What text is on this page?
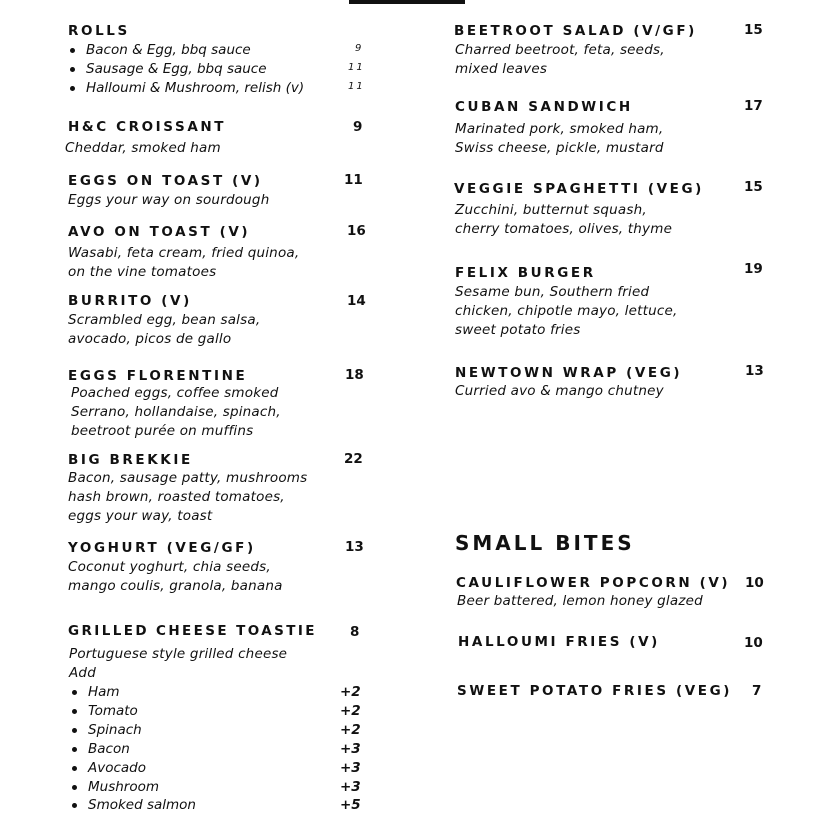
ROLLS
Bacon & Egg, bbq sauce	9
Sausage & Egg, bbq sauce	11
Halloumi & Mushroom, relish (v)	11
H&C CROISSANT	9
Cheddar, smoked ham
EGGS ON TOAST (V)	11
Eggs your way on sourdough
AVO ON TOAST (V)	16
Wasabi, feta cream, fried quinoa,
on the vine tomatoes
BURRITO (V)	14
Scrambled egg, bean salsa,
avocado, picos de gallo
EGGS FLORENTINE	18
Poached eggs, coffee smoked
Serrano, hollandaise, spinach,
beetroot purée on muffins
BIG BREKKIE	22
Bacon, sausage patty, mushrooms
hash brown, roasted tomatoes,
eggs your way, toast
YOGHURT (VEG/GF)	13
Coconut yoghurt, chia seeds,
mango coulis, granola, banana
GRILLED CHEESE TOASTIE 8
Portuguese style grilled cheese
Add
Ham	+2
Tomato	+2
Spinach	+2
Bacon	+3
Avocado	+3
Mushroom	+3
Smoked salmon	+5
BEETROOT SALAD (V/GF)	15
Charred beetroot, feta, seeds,
mixed leaves
CUBAN SANDWICH	17
Marinated pork, smoked ham,
Swiss cheese, pickle, mustard
VEGGIE SPAGHETTI (VEG)	15
Zucchini, butternut squash,
cherry tomatoes, olives, thyme
FELIX BURGER	19
Sesame bun, Southern fried
chicken, chipotle mayo, lettuce,
sweet potato fries
NEWTOWN WRAP (VEG)	13
Curried avo & mango chutney
SMALL BITES
CAULIFLOWER POPCORN (V) 10
Beer battered, lemon honey glazed
HALLOUMI FRIES (V)	10
SWEET POTATO FRIES (VEG) 7
